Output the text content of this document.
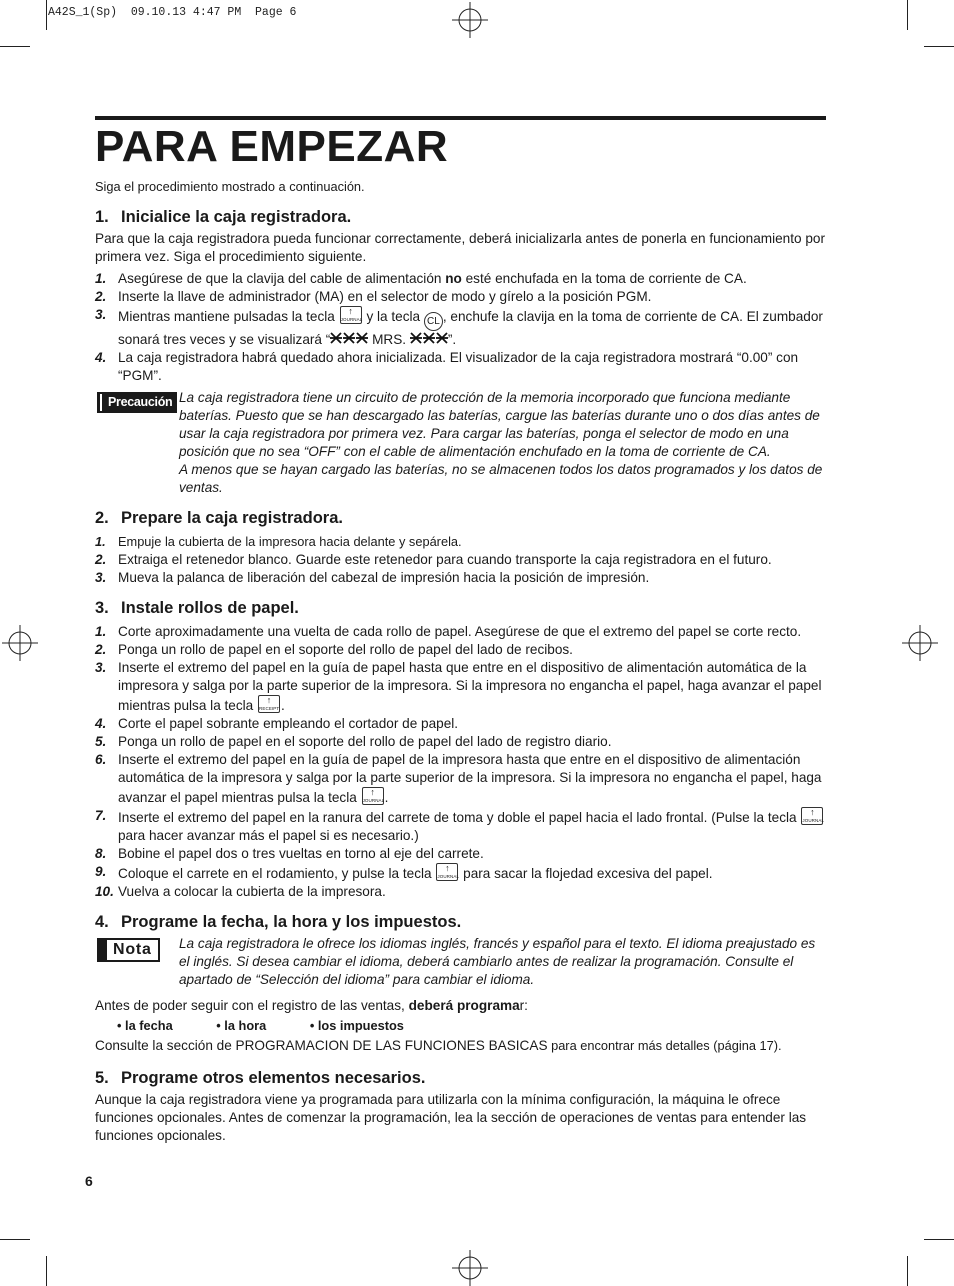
A42S_1(Sp)  09.10.13 4:47 PM  Page 6
PARA EMPEZAR

Siga el procedimiento mostrado a continuación.

1. Inicialice la caja registradora.

Para que la caja registradora pueda funcionar correctamente, deberá inicializarla antes de ponerla en funcionamiento por primera vez. Siga el procedimiento siguiente.

1. Asegúrese de que la clavija del cable de alimentación no esté enchufada en la toma de corriente de CA.
2. Inserte la llave de administrador (MA) en el selector de modo y gírelo a la posición PGM.
3. Mientras mantiene pulsadas la tecla	↑
JOURNAL y la tecla CL , enchufe la clavija en la toma de corriente de CA. El zumbador sonará tres veces y se visualizará “	MRS.	”.
4. La caja registradora habrá quedado ahora inicializada. El visualizador de la caja registradora mostrará “0.00” con “PGM”.
Precaución La caja registradora tiene un circuito de protección de la memoria incorporado que funciona mediante baterías. Puesto que se han descargado las baterías, cargue las baterías durante uno o dos días antes de usar la caja registradora por primera vez. Para cargar las baterías, ponga el selector de modo en una posición que no sea “OFF” con el cable de alimentación enchufado en la toma de corriente de CA.

A menos que se hayan cargado las baterías, no se almacenen todos los datos programados y los datos de ventas.

2. Prepare la caja registradora.
1. Empuje la cubierta de la impresora hacia delante y sepárela.
2. Extraiga el retenedor blanco. Guarde este retenedor para cuando transporte la caja registradora en el futuro.
3. Mueva la palanca de liberación del cabezal de impresión hacia la posición de impresión.
3. Instale rollos de papel.
1. Corte aproximadamente una vuelta de cada rollo de papel. Asegúrese de que el extremo del papel se corte recto.
2. Ponga un rollo de papel en el soporte del rollo de papel del lado de recibos.
3. Inserte el extremo del papel en la guía de papel hasta que entre en el dispositivo de alimentación automática de la impresora y salga por la parte superior de la impresora. Si la impresora no engancha el papel, haga avanzar el papel mientras pulsa la tecla	↑
RECEIPT .
4. Corte el papel sobrante empleando el cortador de papel.
5. Ponga un rollo de papel en el soporte del rollo de papel del lado de registro diario.
6. Inserte el extremo del papel en la guía de papel de la impresora hasta que entre en el dispositivo de alimentación automática de la impresora y salga por la parte superior de la impresora. Si la impresora no engancha el papel, haga avanzar el papel mientras pulsa la tecla	↑
JOURNAL .
7. Inserte el extremo del papel en la ranura del carrete de toma y doble el papel hacia el lado frontal. (Pulse la tecla	↑
JOURNAL
para hacer avanzar más el papel si es necesario.)
8. Bobine el papel dos o tres vueltas en torno al eje del carrete.
9. Coloque el carrete en el rodamiento, y pulse la tecla	↑
JOURNAL para sacar la flojedad excesiva del papel.
10. Vuelva a colocar la cubierta de la impresora.
4. Programe la fecha, la hora y los impuestos.
Nota	La caja registradora le ofrece los idiomas inglés, francés y español para el texto. El idioma preajustado es el inglés. Si desea cambiar el idioma, deberá cambiarlo antes de realizar la programación. Consulte el apartado de “Selección del idioma” para cambiar el idioma.

Antes de poder seguir con el registro de las ventas, deberá programar:

• la fecha	• la hora	• los impuestos

Consulte la sección de PROGRAMACION DE LAS FUNCIONES BASICAS para encontrar más detalles (página 17).

5. Programe otros elementos necesarios.

Aunque la caja registradora viene ya programada para utilizarla con la mínima configuración, la máquina le ofrece funciones opcionales. Antes de comenzar la programación, lea la sección de operaciones de ventas para entender las funciones opcionales.

6
